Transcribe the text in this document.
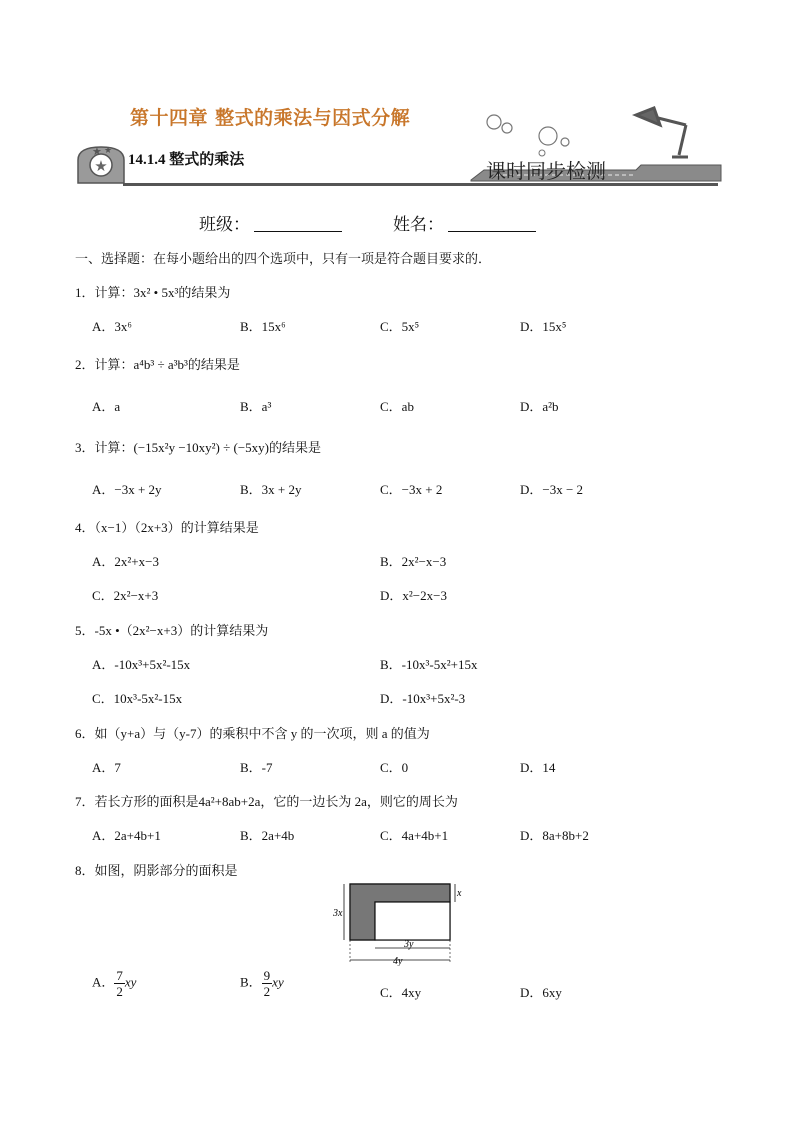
★
★ ★
第十四章 整式的乘法与因式分解
14.1.4 整式的乘法
课时同步检测
班级：	姓名：
一、选择题：在每小题给出的四个选项中，只有一项是符合题目要求的．
1．计算：3x² • 5x³的结果为
A．3x⁶	B．15x⁶	C．5x⁵	D．15x⁵
2．计算：a⁴b³ ÷ a³b³的结果是
A．a	B．a³	C．ab	D．a²b
3．计算：(−15x²y −10xy²) ÷ (−5xy)的结果是
A．−3x + 2y	B．3x + 2y	C．−3x + 2	D．−3x − 2
4．（x−1）（2x+3）的计算结果是
A．2x²+x−3	B．2x²−x−3
C．2x²−x+3	D．x²−2x−3
5．-5x •（2x²−x+3）的计算结果为
A．-10x³+5x²-15x	B．-10x³-5x²+15x
C．10x³-5x²-15x	D．-10x³+5x²-3
6．如（y+a）与（y-7）的乘积中不含 y 的一次项，则 a 的值为
A．7	B．-7	C．0	D．14
7．若长方形的面积是4a²+8ab+2a，它的一边长为 2a，则它的周长为
A．2a+4b+1	B．2a+4b	C．4a+4b+1	D．8a+8b+2
8．如图，阴影部分的面积是
3x
x
3y
4y
A． $\frac{7}{2}$ xy	B． $\frac{9}{2}$ xy
C．4xy	D．6xy
